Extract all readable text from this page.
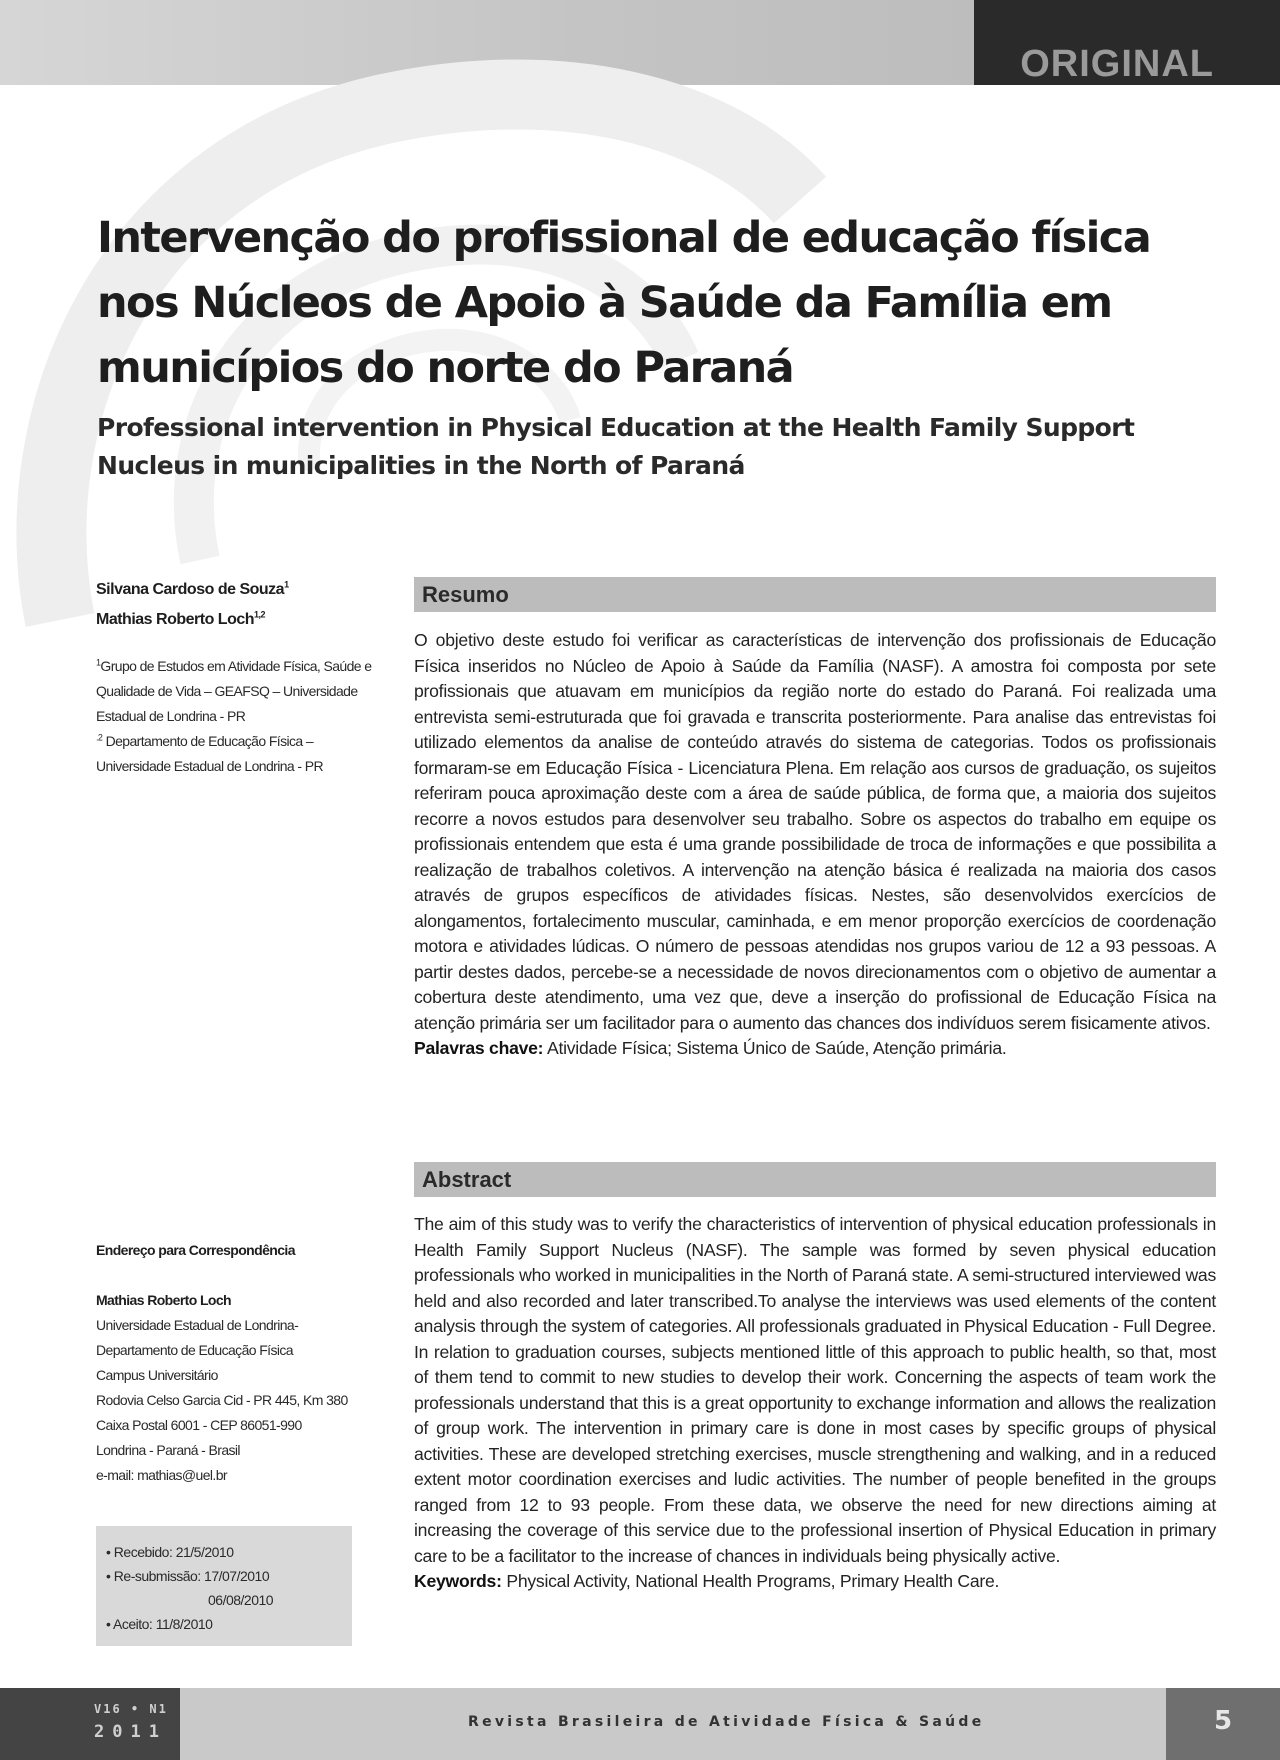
ORIGINAL
Intervenção do profissional de educação física nos Núcleos de Apoio à Saúde da Família em municípios do norte do Paraná
Professional intervention in Physical Education at the Health Family Support Nucleus in municipalities in the North of Paraná
Silvana Cardoso de Souza$^1$
Mathias Roberto Loch$^{1,2}$
$^1$Grupo de Estudos em Atividade Física, Saúde e Qualidade de Vida – GEAFSQ – Universidade Estadual de Londrina - PR
$^{.2}$ Departamento de Educação Física – Universidade Estadual de Londrina - PR
Endereço para Correspondência
Mathias Roberto Loch
Universidade Estadual de Londrina-
Departamento de Educação Física
Campus Universitário
Rodovia Celso Garcia Cid - PR 445, Km 380
Caixa Postal 6001 - CEP 86051-990
Londrina - Paraná - Brasil
e-mail: mathias@uel.br
• Recebido: 21/5/2010
• Re-submissão: 17/07/2010
06/08/2010
• Aceito: 11/8/2010
Resumo
O objetivo deste estudo foi verificar as características de intervenção dos profissionais de Educação Física inseridos no Núcleo de Apoio à Saúde da Família (NASF). A amostra foi composta por sete profissionais que atuavam em municípios da região norte do estado do Paraná. Foi realizada uma entrevista semi-estruturada que foi gravada e transcrita posteriormente. Para analise das entrevistas foi utilizado elementos da analise de conteúdo através do sistema de categorias. Todos os profissionais formaram-se em Educação Física - Licenciatura Plena. Em relação aos cursos de graduação, os sujeitos referiram pouca aproximação deste com a área de saúde pública, de forma que, a maioria dos sujeitos recorre a novos estudos para desenvolver seu trabalho. Sobre os aspectos do trabalho em equipe os profissionais entendem que esta é uma grande possibilidade de troca de informações e que possibilita a realização de trabalhos coletivos. A intervenção na atenção básica é realizada na maioria dos casos através de grupos específicos de atividades físicas. Nestes, são desenvolvidos exercícios de alongamentos, fortalecimento muscular, caminhada, e em menor proporção exercícios de coordenação motora e atividades lúdicas. O número de pessoas atendidas nos grupos variou de 12 a 93 pessoas. A partir destes dados, percebe-se a necessidade de novos direcionamentos com o objetivo de aumentar a cobertura deste atendimento, uma vez que, deve a inserção do profissional de Educação Física na atenção primária ser um facilitador para o aumento das chances dos indivíduos serem fisicamente ativos.
Palavras chave: Atividade Física; Sistema Único de Saúde, Atenção primária.
Abstract
The aim of this study was to verify the characteristics of intervention of physical education professionals in Health Family Support Nucleus (NASF). The sample was formed by seven physical education professionals who worked in municipalities in the North of Paraná state. A semi-structured interviewed was held and also recorded and later transcribed.To analyse the interviews was used elements of the content analysis through the system of categories. All professionals graduated in Physical Education - Full Degree. In relation to graduation courses, subjects mentioned little of this approach to public health, so that, most of them tend to commit to new studies to develop their work. Concerning the aspects of team work the professionals understand that this is a great opportunity to exchange information and allows the realization of group work. The intervention in primary care is done in most cases by specific groups of physical activities. These are developed stretching exercises, muscle strengthening and walking, and in a reduced extent motor coordination exercises and ludic activities. The number of people benefited in the groups ranged from 12 to 93 people. From these data, we observe the need for new directions aiming at increasing the coverage of this service due to the professional insertion of Physical Education in primary care to be a facilitator to the increase of chances in individuals being physically active.
Keywords: Physical Activity, National Health Programs, Primary Health Care.
V16 • N1
2011	Revista Brasileira de Atividade Física & Saúde	5
